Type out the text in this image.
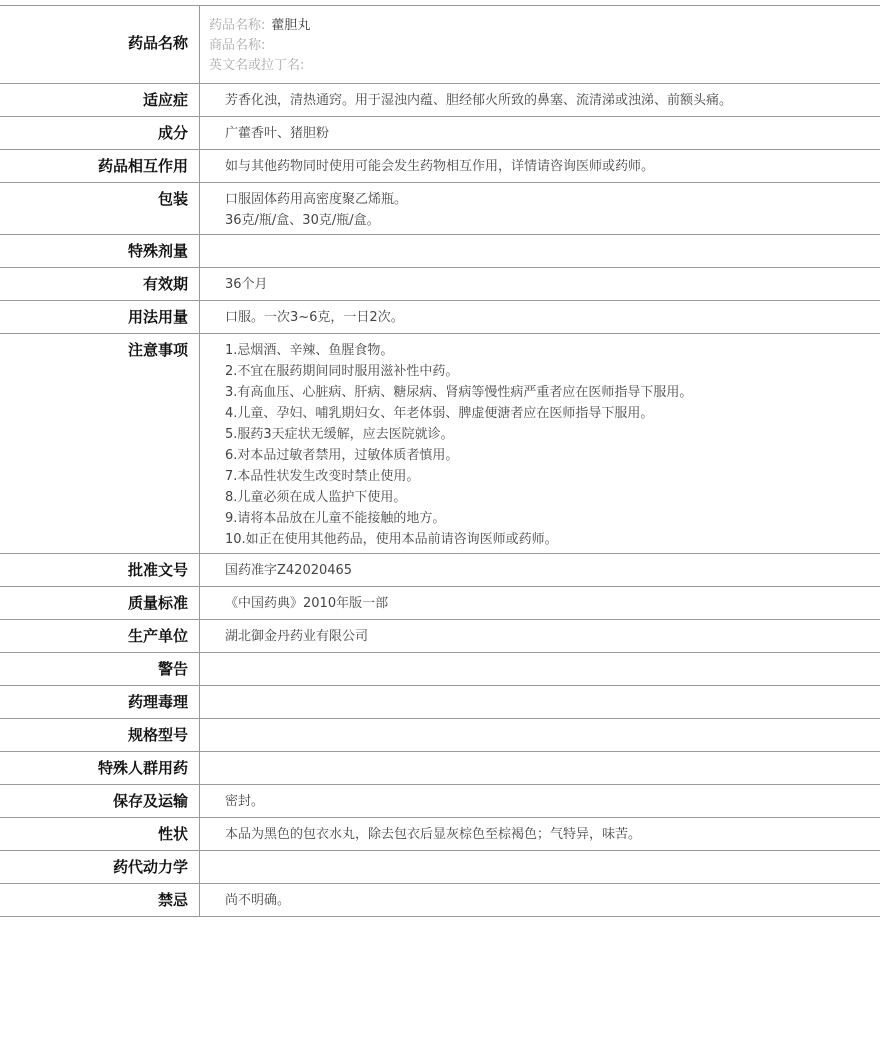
药品名称
药品名称: 藿胆丸
商品名称:
英文名或拉丁名:
适应症	芳香化浊，清热通窍。用于湿浊内蕴、胆经郁火所致的鼻塞、流清涕或浊涕、前额头痛。
成分	广藿香叶、猪胆粉
药品相互作用	如与其他药物同时使用可能会发生药物相互作用，详情请咨询医师或药师。
包装	口服固体药用高密度聚乙烯瓶。
36克/瓶/盒、30克/瓶/盒。
特殊剂量
有效期	36个月
用法用量	口服。一次3~6克，一日2次。
注意事项	1.忌烟酒、辛辣、鱼腥食物。
2.不宜在服药期间同时服用滋补性中药。
3.有高血压、心脏病、肝病、糖尿病、肾病等慢性病严重者应在医师指导下服用。
4.儿童、孕妇、哺乳期妇女、年老体弱、脾虚便溏者应在医师指导下服用。
5.服药3天症状无缓解，应去医院就诊。
6.对本品过敏者禁用，过敏体质者慎用。
7.本品性状发生改变时禁止使用。
8.儿童必须在成人监护下使用。
9.请将本品放在儿童不能接触的地方。
10.如正在使用其他药品，使用本品前请咨询医师或药师。
批准文号	国药准字Z42020465
质量标准	《中国药典》2010年版一部
生产单位	湖北御金丹药业有限公司
警告
药理毒理
规格型号
特殊人群用药
保存及运输	密封。
性状	本品为黑色的包衣水丸，除去包衣后显灰棕色至棕褐色；气特异，味苦。
药代动力学
禁忌	尚不明确。
